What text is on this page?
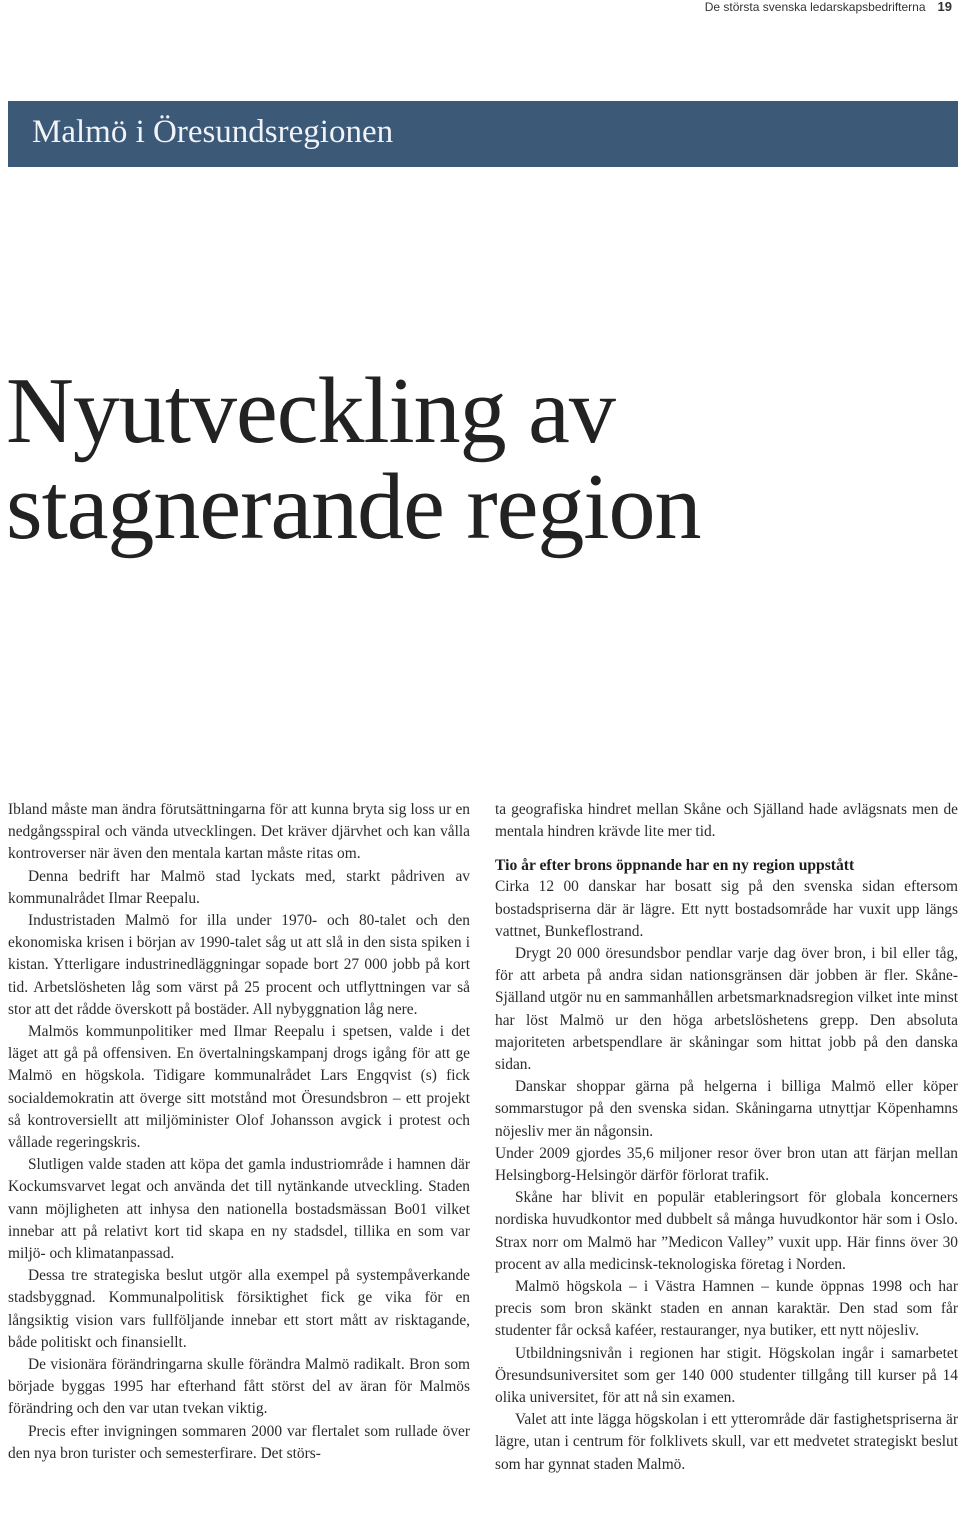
De största svenska ledarskapsbedrifterna 19
Malmö i Öresundsregionen
Nyutveckling av
stagnerande region

Ibland måste man ändra förutsättningarna för att kunna bryta sig loss ur en nedgångsspiral och vända utvecklingen. Det kräver djärvhet och kan vålla kontroverser när även den mentala kartan måste ritas om.

Denna bedrift har Malmö stad lyckats med, starkt pådriven av kommunalrådet Ilmar Reepalu.

Industristaden Malmö for illa under 1970- och 80-talet och den ekonomiska krisen i början av 1990-talet såg ut att slå in den sista spiken i kistan. Ytterligare industrinedläggningar sopade bort 27 000 jobb på kort tid. Arbetslösheten låg som värst på 25 procent och utflyttningen var så stor att det rådde överskott på bostäder. All nybyggnation låg nere.

Malmös kommunpolitiker med Ilmar Reepalu i spetsen, valde i det läget att gå på offensiven. En övertalningskampanj drogs igång för att ge Malmö en högskola. Tidigare kommunalrådet Lars Engqvist (s) fick socialdemokratin att överge sitt motstånd mot Öresundsbron – ett projekt så kontroversiellt att miljöminister Olof Johansson avgick i protest och vållade regeringskris.

Slutligen valde staden att köpa det gamla industriområde i hamnen där Kockumsvarvet legat och använda det till nytänkande utveckling. Staden vann möjligheten att inhysa den nationella bostadsmässan Bo01 vilket innebar att på relativt kort tid skapa en ny stadsdel, tillika en som var miljö- och klimatanpassad.

Dessa tre strategiska beslut utgör alla exempel på systempåverkande stadsbyggnad. Kommunalpolitisk försiktighet fick ge vika för en långsiktig vision vars fullföljande innebar ett stort mått av risktagande, både politiskt och finansiellt.

De visionära förändringarna skulle förändra Malmö radikalt. Bron som började byggas 1995 har efterhand fått störst del av äran för Malmös förändring och den var utan tvekan viktig.

Precis efter invigningen sommaren 2000 var flertalet som rullade över den nya bron turister och semesterfirare. Det störs-

ta geografiska hindret mellan Skåne och Själland hade avlägsnats men de mentala hindren krävde lite mer tid.

Tio år efter brons öppnande har en ny region uppstått

Cirka 12 00 danskar har bosatt sig på den svenska sidan eftersom bostadspriserna där är lägre. Ett nytt bostadsområde har vuxit upp längs vattnet, Bunkeflostrand.

Drygt 20 000 öresundsbor pendlar varje dag över bron, i bil eller tåg, för att arbeta på andra sidan nationsgränsen där jobben är fler. Skåne-Själland utgör nu en sammanhållen arbetsmarknadsregion vilket inte minst har löst Malmö ur den höga arbetslöshetens grepp. Den absoluta majoriteten arbetspendlare är skåningar som hittat jobb på den danska sidan.

Danskar shoppar gärna på helgerna i billiga Malmö eller köper sommarstugor på den svenska sidan. Skåningarna utnyttjar Köpenhamns nöjesliv mer än någonsin.

Under 2009 gjordes 35,6 miljoner resor över bron utan att färjan mellan Helsingborg-Helsingör därför förlorat trafik.

Skåne har blivit en populär etableringsort för globala koncerners nordiska huvudkontor med dubbelt så många huvudkontor här som i Oslo. Strax norr om Malmö har ”Medicon Valley” vuxit upp. Här finns över 30 procent av alla medicinsk-teknologiska företag i Norden.

Malmö högskola – i Västra Hamnen – kunde öppnas 1998 och har precis som bron skänkt staden en annan karaktär. Den stad som får studenter får också kaféer, restauranger, nya butiker, ett nytt nöjesliv.

Utbildningsnivån i regionen har stigit. Högskolan ingår i samarbetet Öresundsuniversitet som ger 140 000 studenter tillgång till kurser på 14 olika universitet, för att nå sin examen.

Valet att inte lägga högskolan i ett ytterområde där fastighetspriserna är lägre, utan i centrum för folklivets skull, var ett medvetet strategiskt beslut som har gynnat staden Malmö.
